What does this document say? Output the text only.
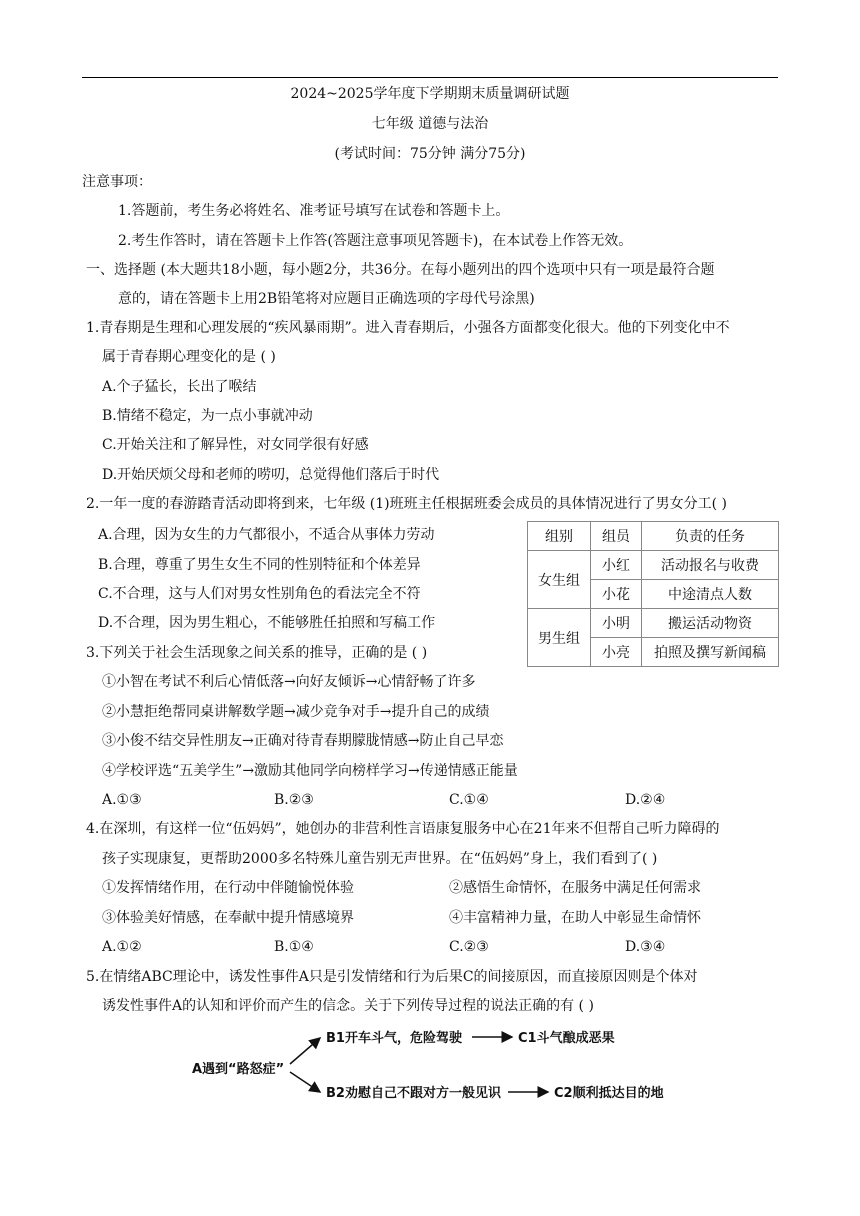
2024~2025学年度下学期期末质量调研试题
七年级 道德与法治
(考试时间：75分钟 满分75分)
注意事项：
1.答题前，考生务必将姓名、准考证号填写在试卷和答题卡上。
2.考生作答时，请在答题卡上作答(答题注意事项见答题卡)，在本试卷上作答无效。
一、选择题 (本大题共18小题，每小题2分，共36分。在每小题列出的四个选项中只有一项是最符合题
意的，请在答题卡上用2B铅笔将对应题目正确选项的字母代号涂黑)
1.青春期是生理和心理发展的“疾风暴雨期”。进入青春期后，小强各方面都变化很大。他的下列变化中不
属于青春期心理变化的是 ( )
A.个子猛长，长出了喉结
B.情绪不稳定，为一点小事就冲动
C.开始关注和了解异性，对女同学很有好感
D.开始厌烦父母和老师的唠叨，总觉得他们落后于时代
2.一年一度的春游踏青活动即将到来，七年级 (1)班班主任根据班委会成员的具体情况进行了男女分工( )
A.合理，因为女生的力气都很小，不适合从事体力劳动
B.合理，尊重了男生女生不同的性别特征和个体差异
C.不合理，这与人们对男女性别角色的看法完全不符
D.不合理，因为男生粗心，不能够胜任拍照和写稿工作
组别	组员	负责的任务
女生组	小红	活动报名与收费
	小花	中途清点人数
男生组	小明	搬运活动物资
	小亮	拍照及撰写新闻稿
3.下列关于社会生活现象之间关系的推导，正确的是 ( )
①小智在考试不利后心情低落→向好友倾诉→心情舒畅了许多
②小慧拒绝帮同桌讲解数学题→减少竞争对手→提升自己的成绩
③小俊不结交异性朋友→正确对待青春期朦胧情感→防止自己早恋
④学校评选“五美学生”→激励其他同学向榜样学习→传递情感正能量
A.①③	B.②③	C.①④	D.②④
4.在深圳，有这样一位“伍妈妈”，她创办的非营利性言语康复服务中心在21年来不但帮自己听力障碍的
孩子实现康复，更帮助2000多名特殊儿童告别无声世界。在“伍妈妈”身上，我们看到了( )
①发挥情绪作用，在行动中伴随愉悦体验	②感悟生命情怀，在服务中满足任何需求
③体验美好情感，在奉献中提升情感境界	④丰富精神力量，在助人中彰显生命情怀
A.①②	B.①④	C.②③	D.③④
5.在情绪ABC理论中，诱发性事件A只是引发情绪和行为后果C的间接原因，而直接原因则是个体对
诱发性事件A的认知和评价而产生的信念。关于下列传导过程的说法正确的有 ( )
A遇到“路怒症”
B1开车斗气，危险驾驶	C1斗气酿成恶果
B2劝慰自己不跟对方一般见识	C2顺利抵达目的地
